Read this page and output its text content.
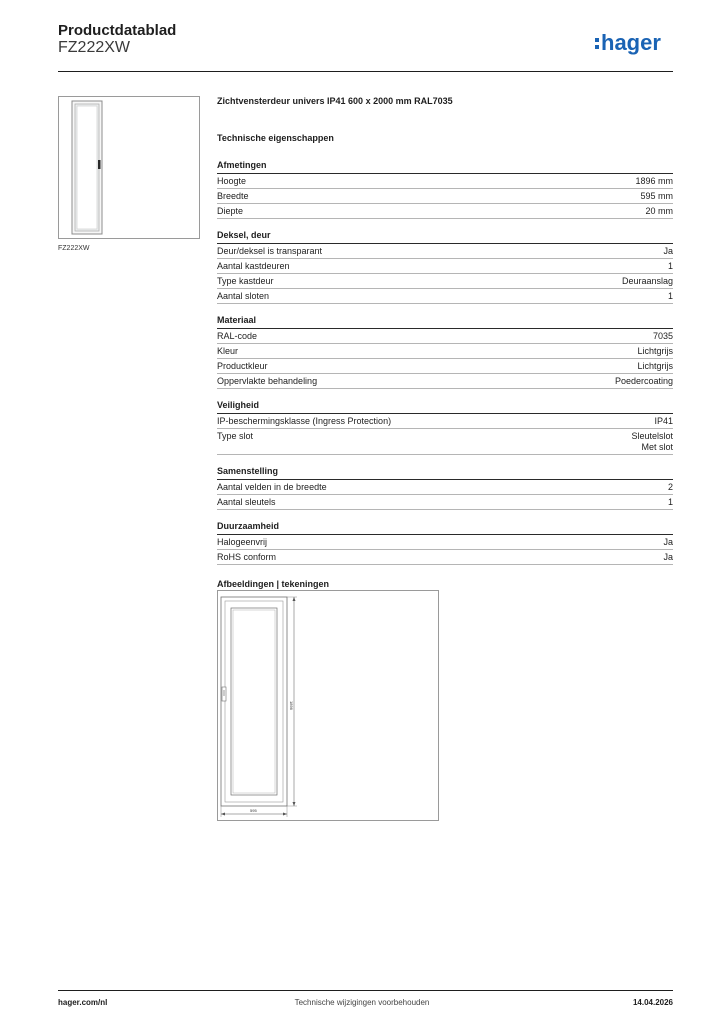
Productdatablad

FZ222XW	hager

FZ222XW

Zichtvensterdeur univers IP41 600 x 2000 mm RAL7035

Technische eigenschappen

Afmetingen
Hoogte	1896 mm
Breedte	595 mm
Diepte	20 mm
Deksel, deur
Deur/deksel is transparant	Ja
Aantal kastdeuren	1
Type kastdeur	Deuraanslag
Aantal sloten	1
Materiaal
RAL-code	7035
Kleur	Lichtgrijs
Productkleur	Lichtgrijs
Oppervlakte behandeling	Poedercoating
Veiligheid
IP-beschermingsklasse (Ingress Protection)	IP41
Type slot	Sleutelslot
Met slot
Samenstelling
Aantal velden in de breedte	2
Aantal sleutels	1
Duurzaamheid
Halogeenvrij	Ja
RoHS conform	Ja

Afbeeldingen | tekeningen

1896
595

hager.com/nl	Technische wijzigingen voorbehouden	14.04.2026
